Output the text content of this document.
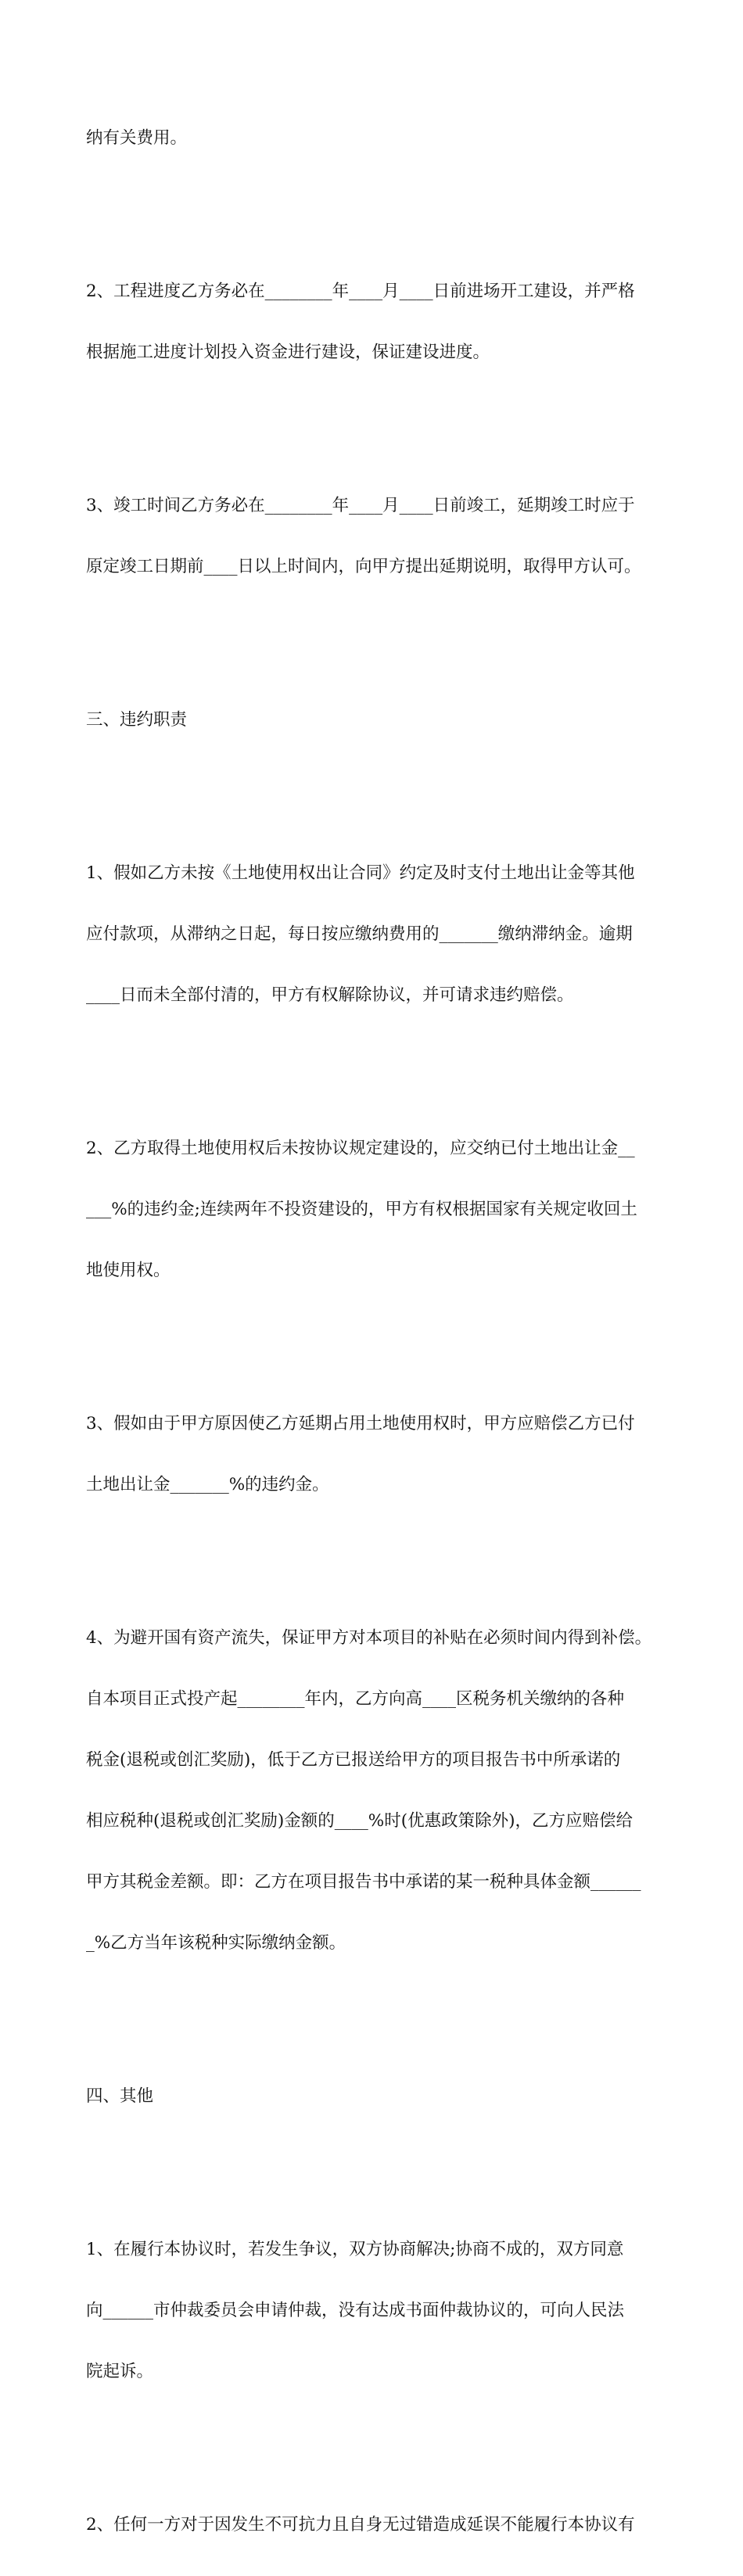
纳有关费用。

2、工程进度乙方务必在________年____月____日前进场开工建设，并严格

根据施工进度计划投入资金进行建设，保证建设进度。

3、竣工时间乙方务必在________年____月____日前竣工，延期竣工时应于

原定竣工日期前____日以上时间内，向甲方提出延期说明，取得甲方认可。

三、违约职责

1、假如乙方未按《土地使用权出让合同》约定及时支付土地出让金等其他

应付款项，从滞纳之日起，每日按应缴纳费用的_______缴纳滞纳金。逾期

____日而未全部付清的，甲方有权解除协议，并可请求违约赔偿。

2、乙方取得土地使用权后未按协议规定建设的，应交纳已付土地出让金__

___%的违约金;连续两年不投资建设的，甲方有权根据国家有关规定收回土

地使用权。

3、假如由于甲方原因使乙方延期占用土地使用权时，甲方应赔偿乙方已付

土地出让金_______%的违约金。

4、为避开国有资产流失，保证甲方对本项目的补贴在必须时间内得到补偿。

自本项目正式投产起________年内，乙方向高____区税务机关缴纳的各种

税金(退税或创汇奖励)，低于乙方已报送给甲方的项目报告书中所承诺的

相应税种(退税或创汇奖励)金额的____%时(优惠政策除外)，乙方应赔偿给

甲方其税金差额。即：乙方在项目报告书中承诺的某一税种具体金额______

_%乙方当年该税种实际缴纳金额。

四、其他

1、在履行本协议时，若发生争议，双方协商解决;协商不成的，双方同意

向______市仲裁委员会申请仲裁，没有达成书面仲裁协议的，可向人民法

院起诉。

2、任何一方对于因发生不可抗力且自身无过错造成延误不能履行本协议有
